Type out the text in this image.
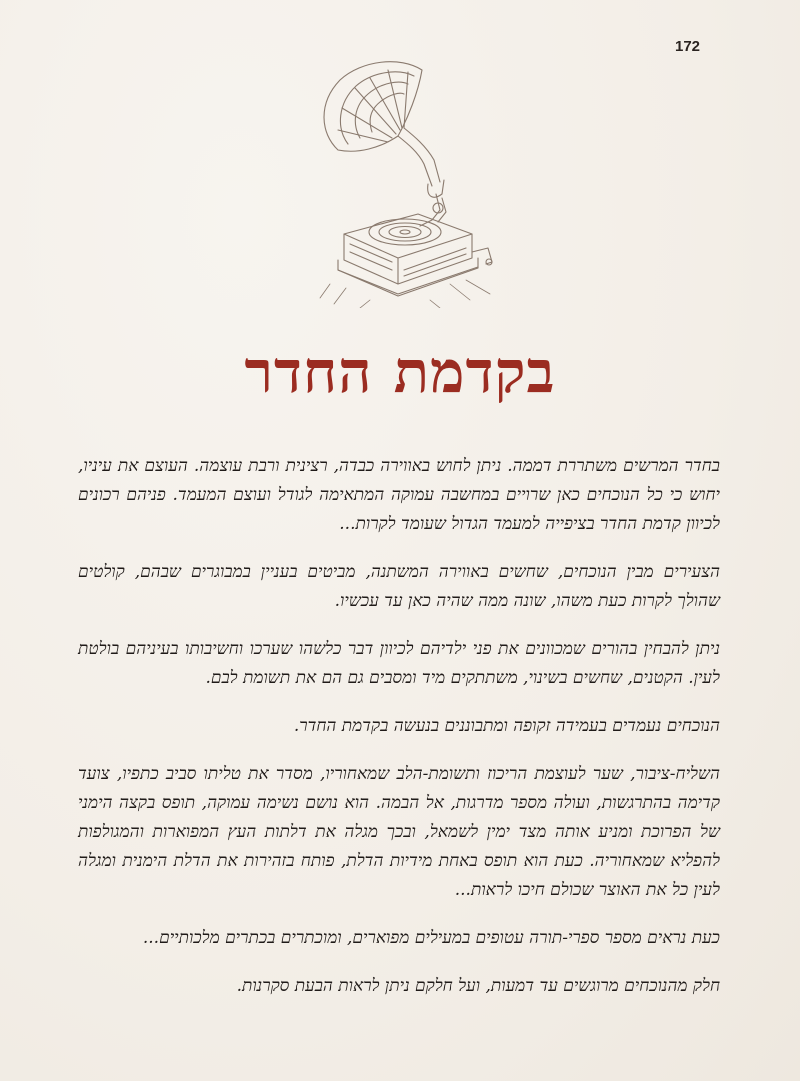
172
בקדמת החדר

בחדר המרשים משתררת דממה. ניתן לחוש באווירה כבדה, רצינית ורבת עוצמה. העוצם את עיניו, יחוש כי כל הנוכחים כאן שרויים במחשבה עמוקה המתאימה לגודל ועוצם המעמד. פניהם רכונים לכיוון קדמת החדר בציפייה למעמד הגדול שעומד לקרות...

הצעירים מבין הנוכחים, שחשים באווירה המשתנה, מביטים בעניין במבוגרים שבהם, קולטים שהולך לקרות כעת משהו, שונה ממה שהיה כאן עד עכשיו.

ניתן להבחין בהורים שמכוונים את פני ילדיהם לכיוון דבר כלשהו שערכו וחשיבותו בעיניהם בולטת לעין. הקטנים, שחשים בשינוי, משתתקים מיד ומסבים גם הם את תשומת לבם.

הנוכחים נעמדים בעמידה זקופה ומתבוננים בנעשה בקדמת החדר.

השליח-ציבור, שער לעוצמת הריכוז ותשומת-הלב שמאחוריו, מסדר את טליתו סביב כתפיו, צועד קדימה בהתרגשות, ועולה מספר מדרגות, אל הבמה. הוא נושם נשימה עמוקה, תופס בקצה הימני של הפרוכת ומניע אותה מצד ימין לשמאל, ובכך מגלה את דלתות העץ המפוארות והמגולפות להפליא שמאחוריה. כעת הוא תופס באחת מידיות הדלת, פותח בזהירות את הדלת הימנית ומגלה לעין כל את האוצר שכולם חיכו לראות...

כעת נראים מספר ספרי-תורה עטופים במעילים מפוארים, ומוכתרים בכתרים מלכותיים...

חלק מהנוכחים מרוגשים עד דמעות, ועל חלקם ניתן לראות הבעת סקרנות.
